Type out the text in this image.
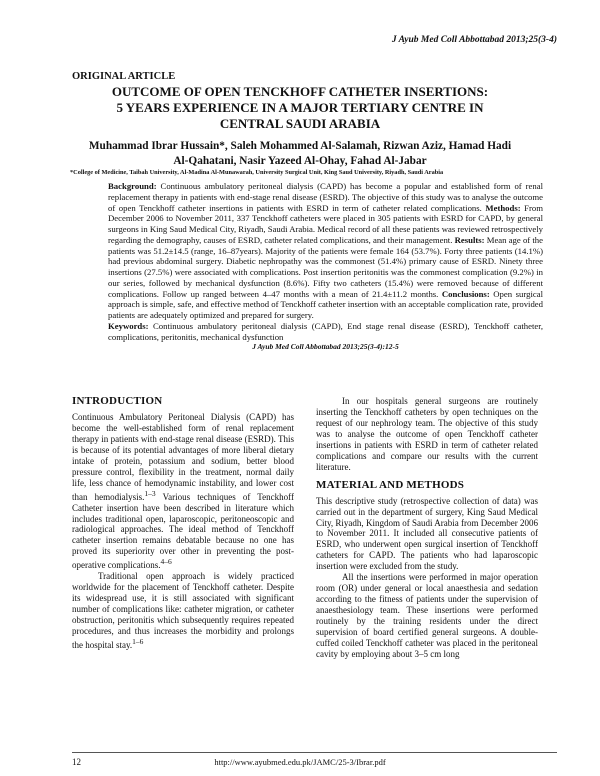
J Ayub Med Coll Abbottabad 2013;25(3-4)
ORIGINAL ARTICLE
OUTCOME OF OPEN TENCKHOFF CATHETER INSERTIONS:
5 YEARS EXPERIENCE IN A MAJOR TERTIARY CENTRE IN
CENTRAL SAUDI ARABIA
Muhammad Ibrar Hussain*, Saleh Mohammed Al-Salamah, Rizwan Aziz, Hamad Hadi
Al-Qahatani, Nasir Yazeed Al-Ohay, Fahad Al-Jabar
*College of Medicine, Taibah University, Al-Madina Al-Munawarah, University Surgical Unit, King Saud University, Riyadh, Saudi Arabia

Background: Continuous ambulatory peritoneal dialysis (CAPD) has become a popular and established form of renal replacement therapy in patients with end-stage renal disease (ESRD). The objective of this study was to analyse the outcome of open Tenckhoff catheter insertions in patients with ESRD in term of catheter related complications. Methods: From December 2006 to November 2011, 337 Tenckhoff catheters were placed in 305 patients with ESRD for CAPD, by general surgeons in King Saud Medical City, Riyadh, Saudi Arabia. Medical record of all these patients was reviewed retrospectively regarding the demography, causes of ESRD, catheter related complications, and their management. Results: Mean age of the patients was 51.2±14.5 (range, 16–87years). Majority of the patients were female 164 (53.7%). Forty three patients (14.1%) had previous abdominal surgery. Diabetic nephropathy was the commonest (51.4%) primary cause of ESRD. Ninety three insertions (27.5%) were associated with complications. Post insertion peritonitis was the commonest complication (9.2%) in our series, followed by mechanical dysfunction (8.6%). Fifty two catheters (15.4%) were removed because of different complications. Follow up ranged between 4–47 months with a mean of 21.4±11.2 months. Conclusions: Open surgical approach is simple, safe, and effective method of Tenckhoff catheter insertion with an acceptable complication rate, provided patients are adequately optimized and prepared for surgery.

Keywords: Continuous ambulatory peritoneal dialysis (CAPD), End stage renal disease (ESRD), Tenckhoff catheter, complications, peritonitis, mechanical dysfunction

J Ayub Med Coll Abbottabad 2013;25(3-4):12-5
INTRODUCTION

Continuous Ambulatory Peritoneal Dialysis (CAPD) has become the well-established form of renal replacement therapy in patients with end-stage renal disease (ESRD). This is because of its potential advantages of more liberal dietary intake of protein, potassium and sodium, better blood pressure control, flexibility in the treatment, normal daily life, less chance of hemodynamic instability, and lower cost than hemodialysis.$^{1-3}$ Various techniques of Tenckhoff Catheter insertion have been described in literature which includes traditional open, laparoscopic, peritoneoscopic and radiological approaches. The ideal method of Tenckhoff catheter insertion remains debatable because no one has proved its superiority over other in preventing the post-operative complications.$^{4-6}$

Traditional open approach is widely practiced worldwide for the placement of Tenckhoff catheter. Despite its widespread use, it is still associated with significant number of complications like: catheter migration, or catheter obstruction, peritonitis which subsequently requires repeated procedures, and thus increases the morbidity and prolongs the hospital stay.$^{1-6}$

In our hospitals general surgeons are routinely inserting the Tenckhoff catheters by open techniques on the request of our nephrology team. The objective of this study was to analyse the outcome of open Tenckhoff catheter insertions in patients with ESRD in term of catheter related complications and compare our results with the current literature.

MATERIAL AND METHODS

This descriptive study (retrospective collection of data) was carried out in the department of surgery, King Saud Medical City, Riyadh, Kingdom of Saudi Arabia from December 2006 to November 2011. It included all consecutive patients of ESRD, who underwent open surgical insertion of Tenckhoff catheters for CAPD. The patients who had laparoscopic insertion were excluded from the study.

All the insertions were performed in major operation room (OR) under general or local anaesthesia and sedation according to the fitness of patients under the supervision of anaesthesiology team. These insertions were performed routinely by the training residents under the direct supervision of board certified general surgeons. A double- cuffed coiled Tenckhoff catheter was placed in the peritoneal cavity by employing about 3–5 cm long

http://www.ayubmed.edu.pk/JAMC/25-3/Ibrar.pdf
12
